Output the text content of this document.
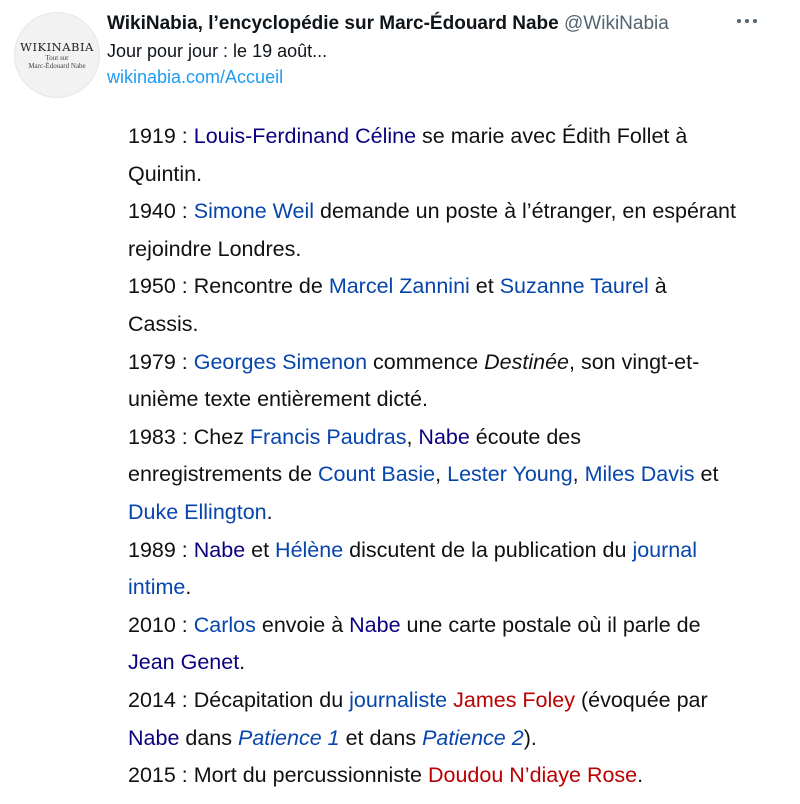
WIKINABIA
Tout sur
Marc-Édouard Nabe
WikiNabia, l’encyclopédie sur Marc-Édouard Nabe @WikiNabia
Jour pour jour : le 19 août...
wikinabia.com/Accueil

1919 : Louis-Ferdinand Céline se marie avec Édith Follet à Quintin.

1940 : Simone Weil demande un poste à l’étranger, en espérant rejoindre Londres.

1950 : Rencontre de Marcel Zannini et Suzanne Taurel à Cassis.

1979 : Georges Simenon commence Destinée, son vingt-et-unième texte entièrement dicté.

1983 : Chez Francis Paudras, Nabe écoute des enregistrements de Count Basie, Lester Young, Miles Davis et Duke Ellington.

1989 : Nabe et Hélène discutent de la publication du journal intime.

2010 : Carlos envoie à Nabe une carte postale où il parle de Jean Genet.

2014 : Décapitation du journaliste James Foley (évoquée par Nabe dans Patience 1 et dans Patience 2).

2015 : Mort du percussionniste Doudou N’diaye Rose.
